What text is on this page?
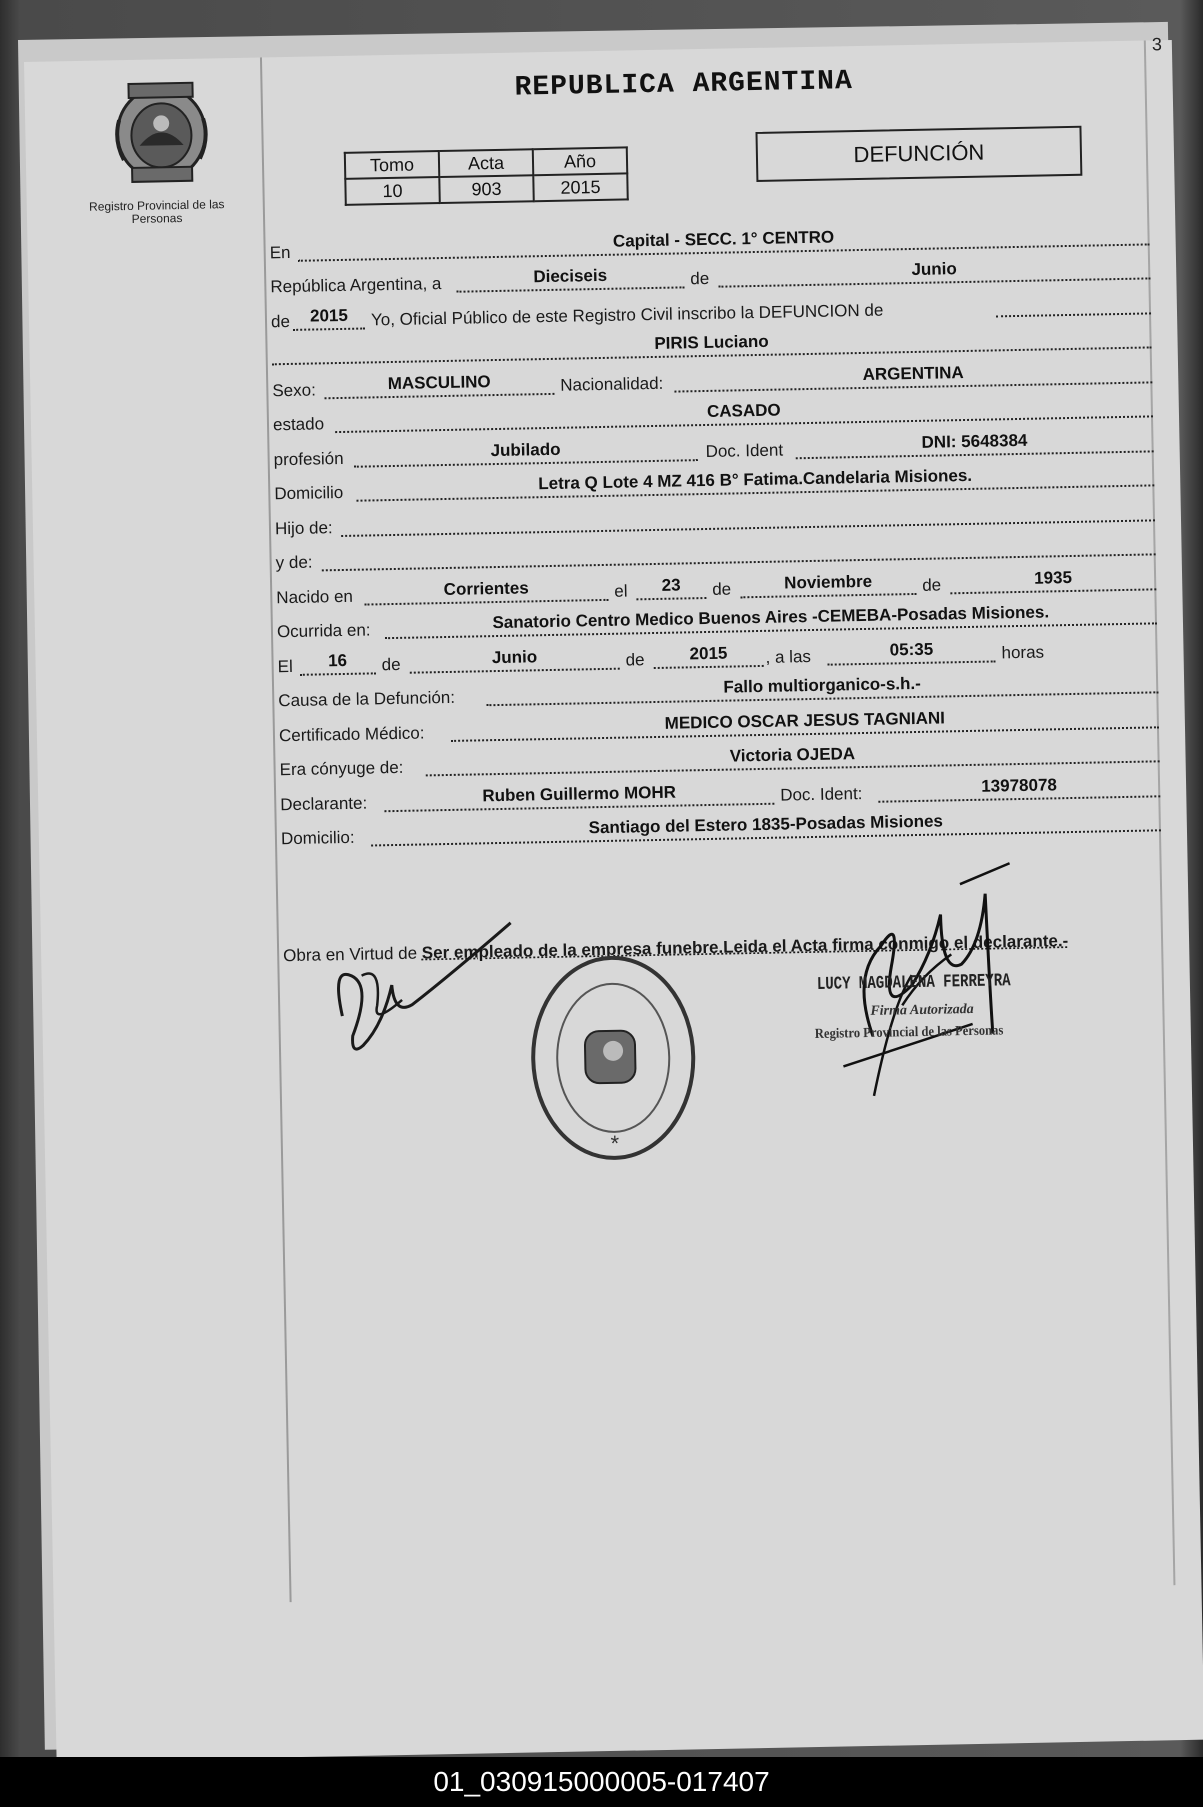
3
Registro Provincial de las Personas
REPUBLICA ARGENTINA
Tomo	Acta	Año
10	903	2015
DEFUNCIÓN
En
Capital - SECC. 1° CENTRO
República Argentina, a	Dieciseis	de	Junio
de	2015	Yo, Oficial Público de este Registro Civil inscribo la DEFUNCION de
PIRIS Luciano
Sexo:	MASCULINO	Nacionalidad:
ARGENTINA
estado
CASADO
profesión	Jubilado	Doc. Ident	DNI: 5648384
Domicilio	Letra Q Lote 4 MZ 416 B° Fatima.Candelaria Misiones.
Hijo de:
y de:
Nacido en	Corrientes	el	23	de	Noviembre	de	1935
Ocurrida en:	Sanatorio Centro Medico Buenos Aires -CEMEBA-Posadas Misiones.
El	16	de	Junio	de	2015	, a las	05:35	horas
Causa de la Defunción:
Fallo multiorganico-s.h.-
Certificado Médico:
MEDICO OSCAR JESUS TAGNIANI
Era cónyuge de:
Victoria OJEDA
Declarante:	Ruben Guillermo MOHR	Doc. Ident:	13978078
Domicilio:
Santiago del Estero 1835-Posadas Misiones
Obra en Virtud de Ser empleado de la empresa funebre.Leida el Acta firma conmigo el declarante.-
*
LUCY MAGDALENA FERREYRA
Firma Autorizada
Registro Provincial de las Personas
01_030915000005-017407
